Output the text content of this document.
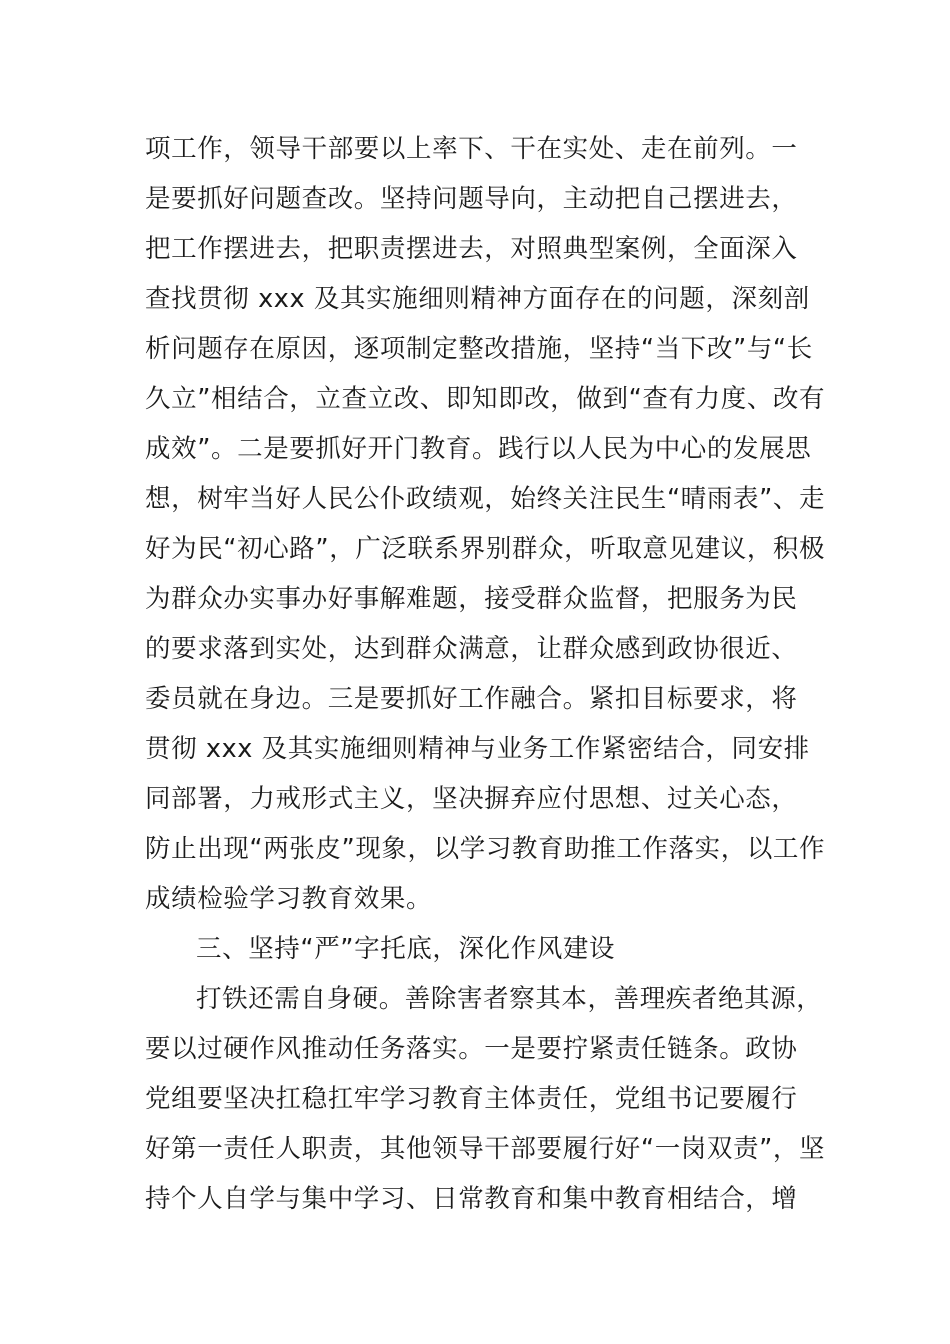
项工作，领导干部要以上率下、干在实处、走在前列。一
是要抓好问题查改。坚持问题导向，主动把自己摆进去，
把工作摆进去，把职责摆进去，对照典型案例，全面深入
查找贯彻 xxx 及其实施细则精神方面存在的问题，深刻剖
析问题存在原因，逐项制定整改措施，坚持“当下改”与“长
久立”相结合，立查立改、即知即改，做到“查有力度、改有
成效”。二是要抓好开门教育。践行以人民为中心的发展思
想，树牢当好人民公仆政绩观，始终关注民生“晴雨表”、走
好为民“初心路”，广泛联系界别群众，听取意见建议，积极
为群众办实事办好事解难题，接受群众监督，把服务为民
的要求落到实处，达到群众满意，让群众感到政协很近、
委员就在身边。三是要抓好工作融合。紧扣目标要求，将
贯彻 xxx 及其实施细则精神与业务工作紧密结合，同安排
同部署，力戒形式主义，坚决摒弃应付思想、过关心态，
防止出现“两张皮”现象，以学习教育助推工作落实，以工作
成绩检验学习教育效果。
三、坚持“严”字托底，深化作风建设
打铁还需自身硬。善除害者察其本，善理疾者绝其源，
要以过硬作风推动任务落实。一是要拧紧责任链条。政协
党组要坚决扛稳扛牢学习教育主体责任，党组书记要履行
好第一责任人职责，其他领导干部要履行好“一岗双责”，坚
持个人自学与集中学习、日常教育和集中教育相结合，增
